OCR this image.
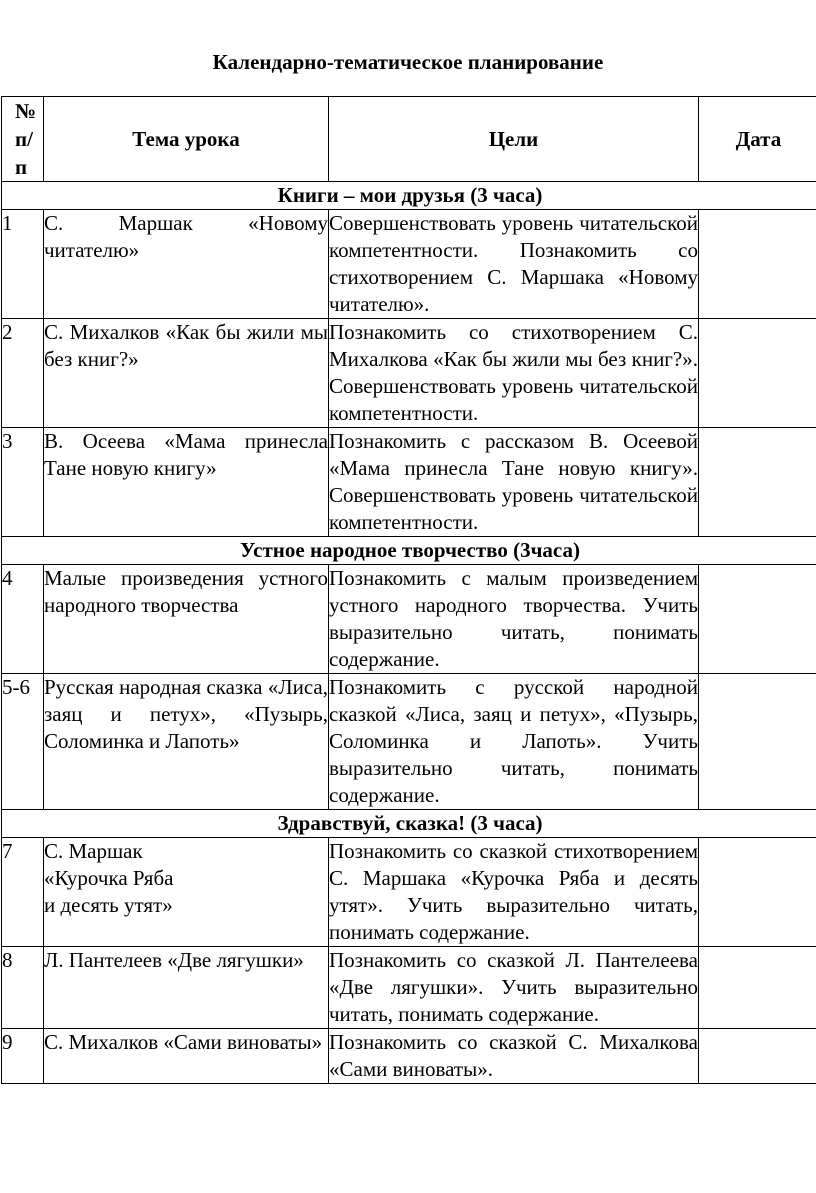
Календарно-тематическое планирование
№
п/
п	Тема урока	Цели	Дата
Книги – мои друзья (3 часа)			
1	С. Маршак «Новому читателю»	Совершенствовать уровень читательской компетентности. Познакомить со стихотворением С. Маршака «Новому читателю».	
2	С. Михалков «Как бы жили мы без книг?»	Познакомить со стихотворением С. Михалкова «Как бы жили мы без книг?». Совершенствовать уровень читательской компетентности.	
3	В. Осеева «Мама принесла Тане новую книгу»	Познакомить с рассказом В. Осеевой «Мама принесла Тане новую книгу». Совершенствовать уровень читательской компетентности.	
Устное народное творчество (3часа)			
4	Малые произведения устного народного творчества	Познакомить с малым произведением устного народного творчества. Учить выразительно читать, понимать содержание.	
5-6	Русская народная сказка «Лиса, заяц и петух», «Пузырь, Соломинка и Лапоть»	Познакомить с русской народной сказкой «Лиса, заяц и петух», «Пузырь, Соломинка и Лапоть». Учить выразительно читать, понимать содержание.	
Здравствуй, сказка! (3 часа)			
7	С. Маршак
«Курочка Ряба
и десять утят»	Познакомить со сказкой стихотворением С. Маршака «Курочка Ряба и десять утят». Учить выразительно читать, понимать содержание.	
8	Л. Пантелеев «Две лягушки»	Познакомить со сказкой Л. Пантелеева «Две лягушки». Учить выразительно читать, понимать содержание.	
9	С. Михалков «Сами виноваты»	Познакомить со сказкой С. Михалкова «Сами виноваты».	
